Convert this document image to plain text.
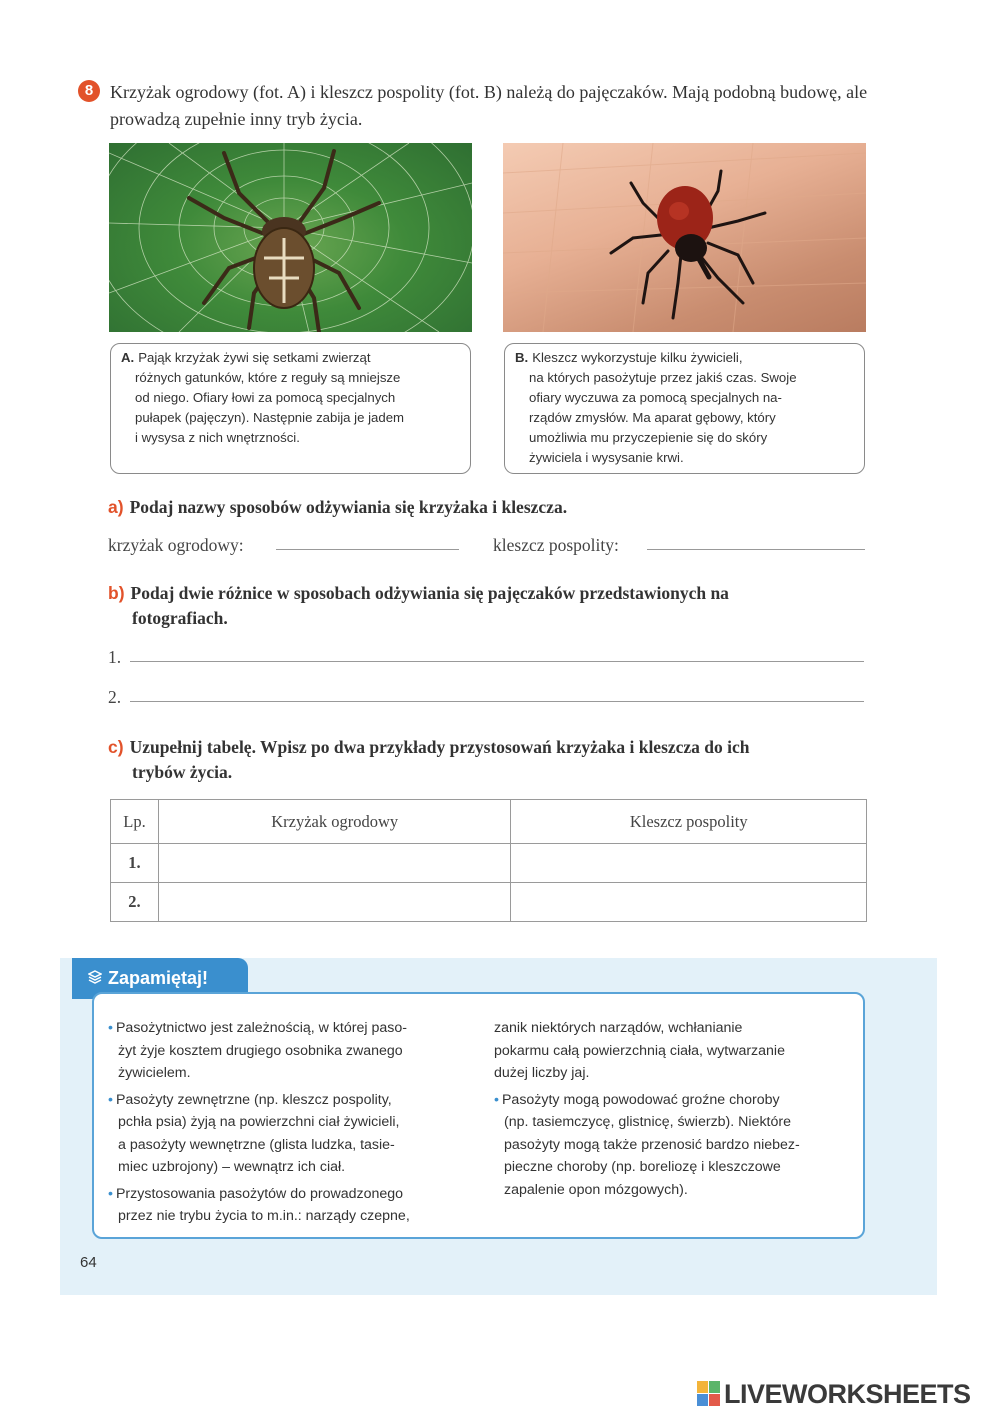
8 Krzyżak ogrodowy (fot. A) i kleszcz pospolity (fot. B) należą do pajęczaków. Mają podobną budowę, ale prowadzą zupełnie inny tryb życia.

A. Pająk krzyżak żywi się setkami zwierząt
różnych gatunków, które z reguły są mniejsze
od niego. Ofiary łowi za pomocą specjalnych
pułapek (pajęczyn). Następnie zabija je jadem
i wysysa z nich wnętrzności.

B. Kleszcz wykorzystuje kilku żywicieli,
na których pasożytuje przez jakiś czas. Swoje
ofiary wyczuwa za pomocą specjalnych na-
rządów zmysłów. Ma aparat gębowy, który
umożliwia mu przyczepienie się do skóry
żywiciela i wysysanie krwi.

a) Podaj nazwy sposobów odżywiania się krzyżaka i kleszcza.
krzyżak ogrodowy:	kleszcz pospolity:
b) Podaj dwie różnice w sposobach odżywiania się pajęczaków przedstawionych na
fotografiach.
1.
2.
c) Uzupełnij tabelę. Wpisz po dwa przykłady przystosowań krzyżaka i kleszcza do ich
trybów życia.
Lp.	Krzyżak ogrodowy	Kleszcz pospolity
1.		
2.		
Zapamiętaj!
• Pasożytnictwo jest zależnością, w której paso-
żyt żyje kosztem drugiego osobnika zwanego
żywicielem.
• Pasożyty zewnętrzne (np. kleszcz pospolity,
pchła psia) żyją na powierzchni ciał żywicieli,
a pasożyty wewnętrzne (glista ludzka, tasie-
miec uzbrojony) – wewnątrz ich ciał.
• Przystosowania pasożytów do prowadzonego
przez nie trybu życia to m.in.: narządy czepne,
zanik niektórych narządów, wchłanianie
pokarmu całą powierzchnią ciała, wytwarzanie
dużej liczby jaj.
• Pasożyty mogą powodować groźne choroby
(np. tasiemczycę, glistnicę, świerzb). Niektóre
pasożyty mogą także przenosić bardzo niebez-
pieczne choroby (np. boreliozę i kleszczowe
zapalenie opon mózgowych).
64
LIVEWORKSHEETS
